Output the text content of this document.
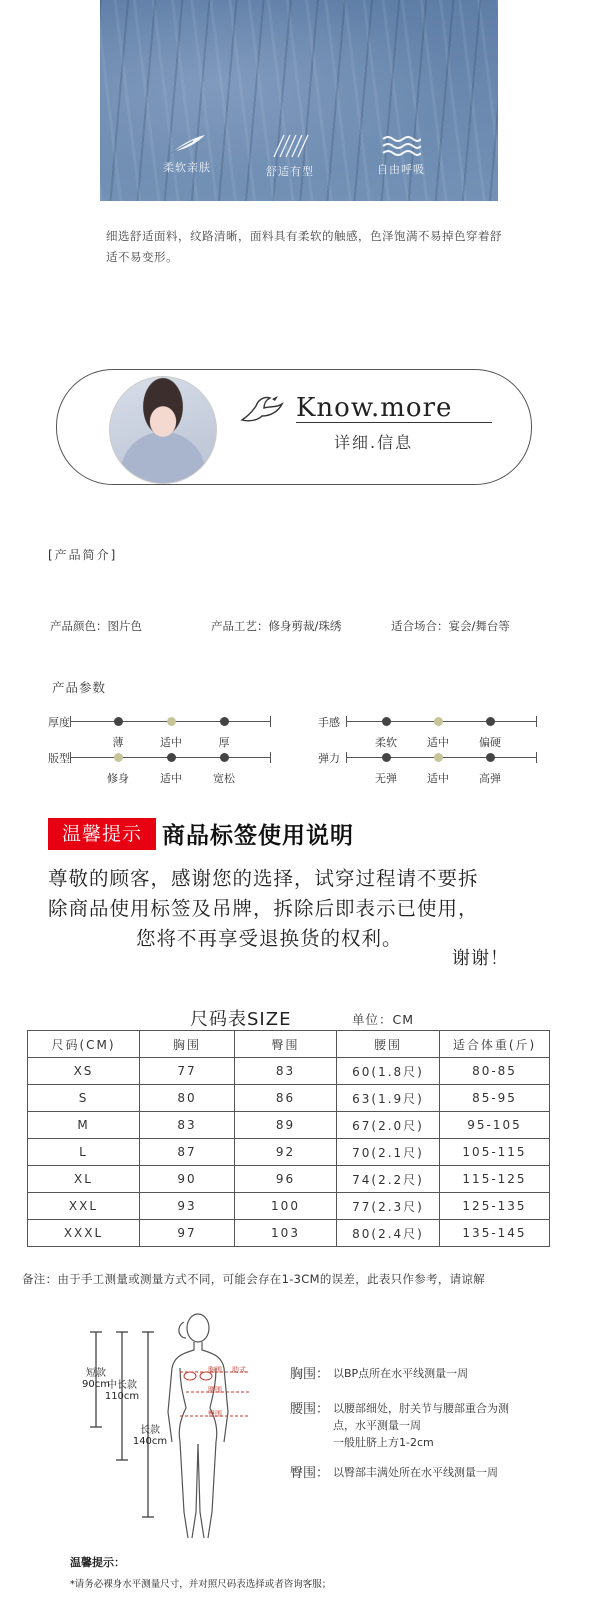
柔软亲肤	舒适有型	自由呼吸
细选舒适面料，纹路清晰，面料具有柔软的触感，色泽饱满不易掉色穿着舒适不易变形。
Know.more
详细.信息
[产品简介]
产品颜色：图片色	产品工艺：修身剪裁/珠绣	适合场合：宴会/舞台等
产品参数
厚度
薄	适中	厚
版型
修身	适中	宽松
手感
柔软	适中	偏硬
弹力
无弹	适中	高弹
温馨提示 商品标签使用说明
尊敬的顾客，感谢您的选择，试穿过程请不要拆
除商品使用标签及吊牌，拆除后即表示已使用，
您将不再享受退换货的权利。
谢谢！
尺码表SIZE	单位：CM
尺码(CM)	胸围	臀围	腰围	适合体重(斤)
XS	77	83	60(1.8尺)	80-85
S	80	86	63(1.9尺)	85-95
M	83	89	67(2.0尺)	95-105
L	87	92	70(2.1尺)	105-115
XL	90	96	74(2.2尺)	115-125
XXL	93	100	77(2.3尺)	125-135
XXXL	97	103	80(2.4尺)	135-145
备注：由于手工测量或测量方式不同，可能会存在1-3CM的误差，此表只作参考，请谅解
短款
90cm
中长款
110cm
长款
140cm
胸围 肋式
腰围
臀围
胸围： 以BP点所在水平线测量一周
腰围： 以腰部细处，肘关节与腰部重合为测
点，水平测量一周
一般肚脐上方1-2cm
臀围： 以臀部丰满处所在水平线测量一周
温馨提示：
*请务必裸身水平测量尺寸，并对照尺码表选择或者咨询客服；
